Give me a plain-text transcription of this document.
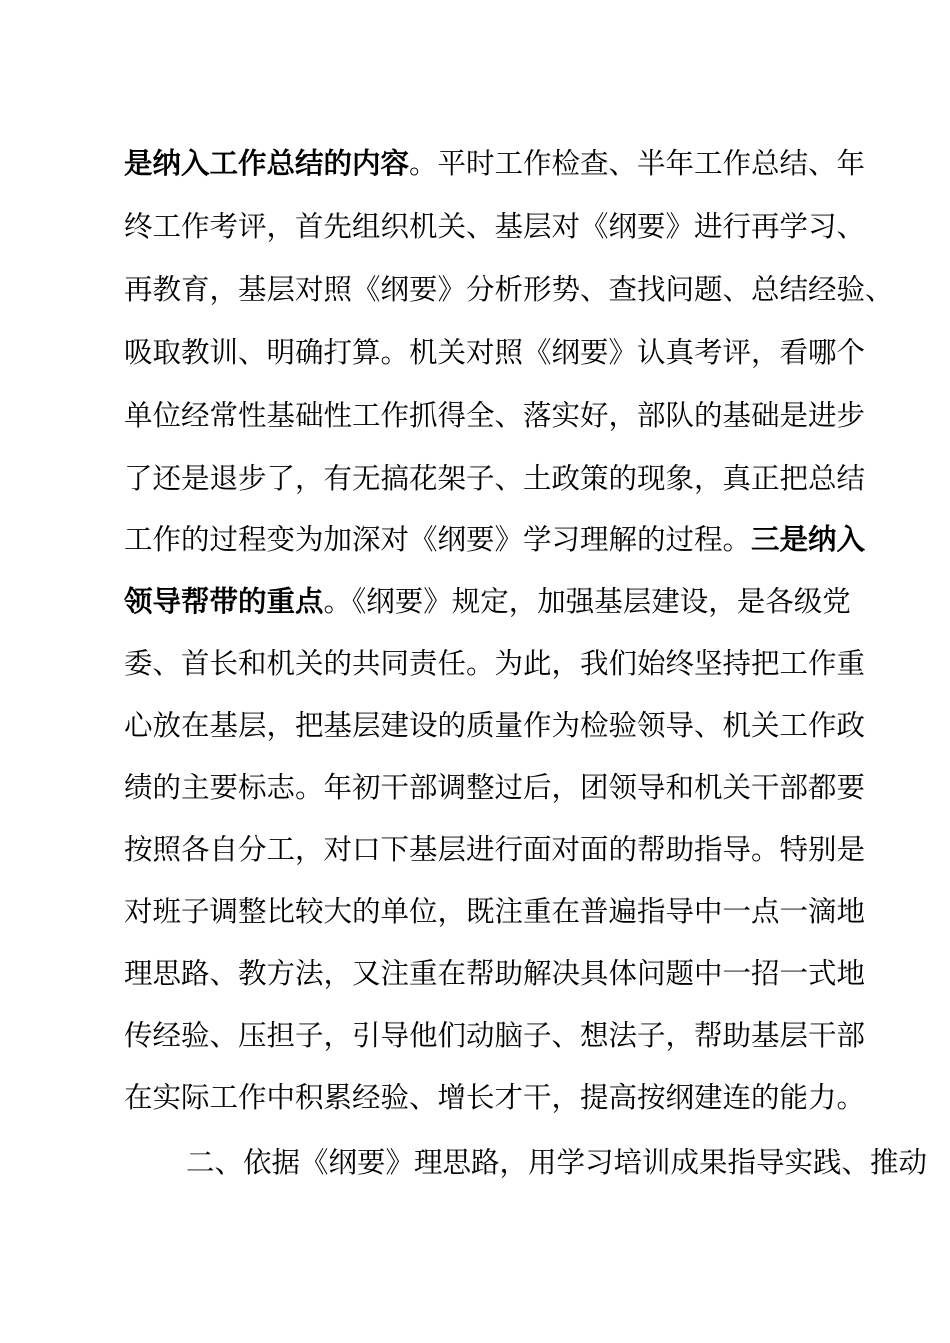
是纳入工作总结的内容。平时工作检查、半年工作总结、年
终工作考评，首先组织机关、基层对《纲要》进行再学习、
再教育，基层对照《纲要》分析形势、查找问题、总结经验、
吸取教训、明确打算。机关对照《纲要》认真考评，看哪个
单位经常性基础性工作抓得全、落实好，部队的基础是进步
了还是退步了，有无搞花架子、土政策的现象，真正把总结
工作的过程变为加深对《纲要》学习理解的过程。三是纳入
领导帮带的重点。《纲要》规定，加强基层建设，是各级党
委、首长和机关的共同责任。为此，我们始终坚持把工作重
心放在基层，把基层建设的质量作为检验领导、机关工作政
绩的主要标志。年初干部调整过后，团领导和机关干部都要
按照各自分工，对口下基层进行面对面的帮助指导。特别是
对班子调整比较大的单位，既注重在普遍指导中一点一滴地
理思路、教方法，又注重在帮助解决具体问题中一招一式地
传经验、压担子，引导他们动脑子、想法子，帮助基层干部
在实际工作中积累经验、增长才干，提高按纲建连的能力。
二、依据《纲要》理思路，用学习培训成果指导实践、推动
